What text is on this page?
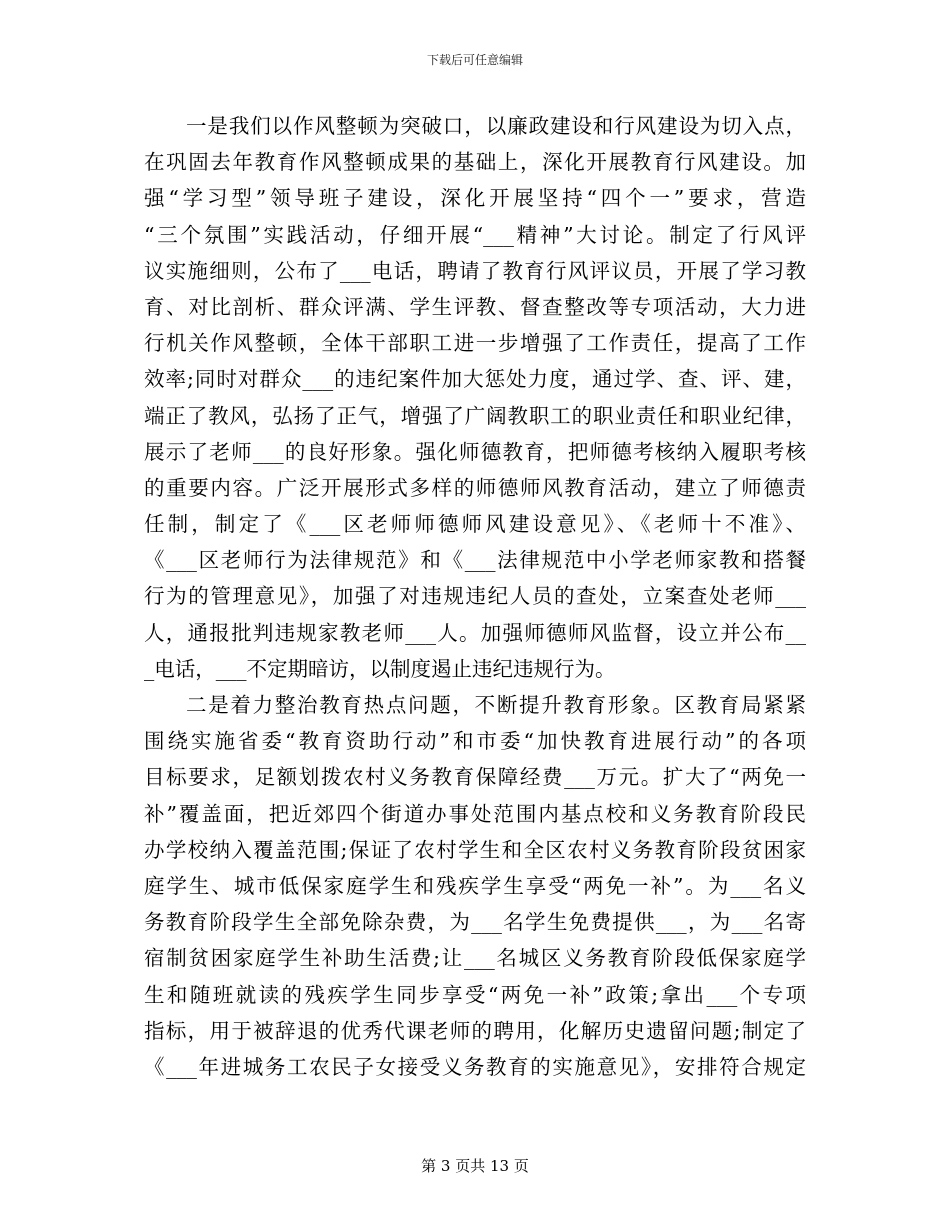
下载后可任意编辑
一是我们以作风整顿为突破口，以廉政建设和行风建设为切入点，
在巩固去年教育作风整顿成果的基础上，深化开展教育行风建设。加
强“学习型”领导班子建设，深化开展坚持“四个一”要求，营造
“三个氛围”实践活动，仔细开展“___精神”大讨论。制定了行风评
议实施细则，公布了___电话，聘请了教育行风评议员，开展了学习教
育、对比剖析、群众评满、学生评教、督查整改等专项活动，大力进
行机关作风整顿，全体干部职工进一步增强了工作责任，提高了工作
效率;同时对群众___的违纪案件加大惩处力度，通过学、查、评、建，
端正了教风，弘扬了正气，增强了广阔教职工的职业责任和职业纪律，
展示了老师___的良好形象。强化师德教育，把师德考核纳入履职考核
的重要内容。广泛开展形式多样的师德师风教育活动，建立了师德责
任制，制定了《___区老师师德师风建设意见》、《老师十不准》、
《___区老师行为法律规范》和《___法律规范中小学老师家教和搭餐
行为的管理意见》，加强了对违规违纪人员的查处，立案查处老师___
人，通报批判违规家教老师___人。加强师德师风监督，设立并公布__
_电话，___不定期暗访，以制度遏止违纪违规行为。
二是着力整治教育热点问题，不断提升教育形象。区教育局紧紧
围绕实施省委“教育资助行动”和市委“加快教育进展行动”的各项
目标要求，足额划拨农村义务教育保障经费___万元。扩大了“两免一
补”覆盖面，把近郊四个街道办事处范围内基点校和义务教育阶段民
办学校纳入覆盖范围;保证了农村学生和全区农村义务教育阶段贫困家
庭学生、城市低保家庭学生和残疾学生享受“两免一补”。为___名义
务教育阶段学生全部免除杂费，为___名学生免费提供___，为___名寄
宿制贫困家庭学生补助生活费;让___名城区义务教育阶段低保家庭学
生和随班就读的残疾学生同步享受“两免一补”政策;拿出___个专项
指标，用于被辞退的优秀代课老师的聘用，化解历史遗留问题;制定了
《___年进城务工农民子女接受义务教育的实施意见》，安排符合规定
第 3 页共 13 页
